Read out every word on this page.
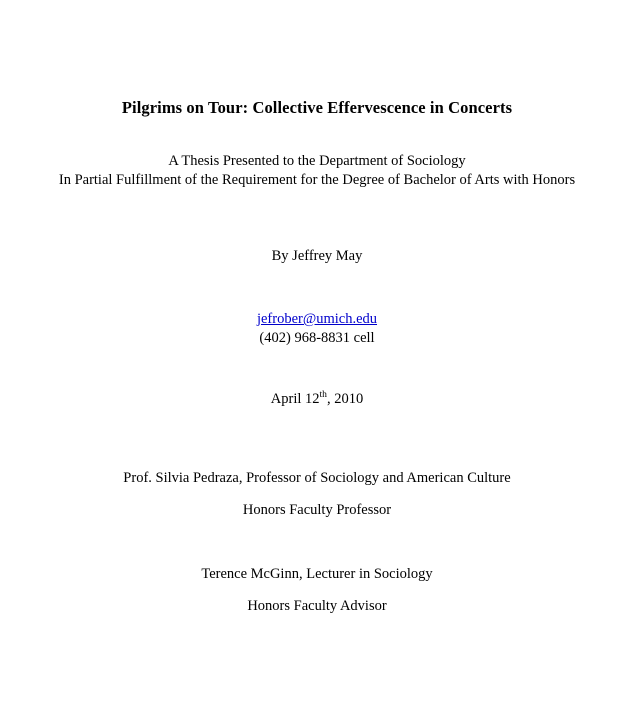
Pilgrims on Tour: Collective Effervescence in Concerts
A Thesis Presented to the Department of Sociology
In Partial Fulfillment of the Requirement for the Degree of Bachelor of Arts with Honors
By Jeffrey May
jefrober@umich.edu
(402) 968-8831 cell
April 12th, 2010
Prof. Silvia Pedraza, Professor of Sociology and American Culture
Honors Faculty Professor
Terence McGinn, Lecturer in Sociology
Honors Faculty Advisor
